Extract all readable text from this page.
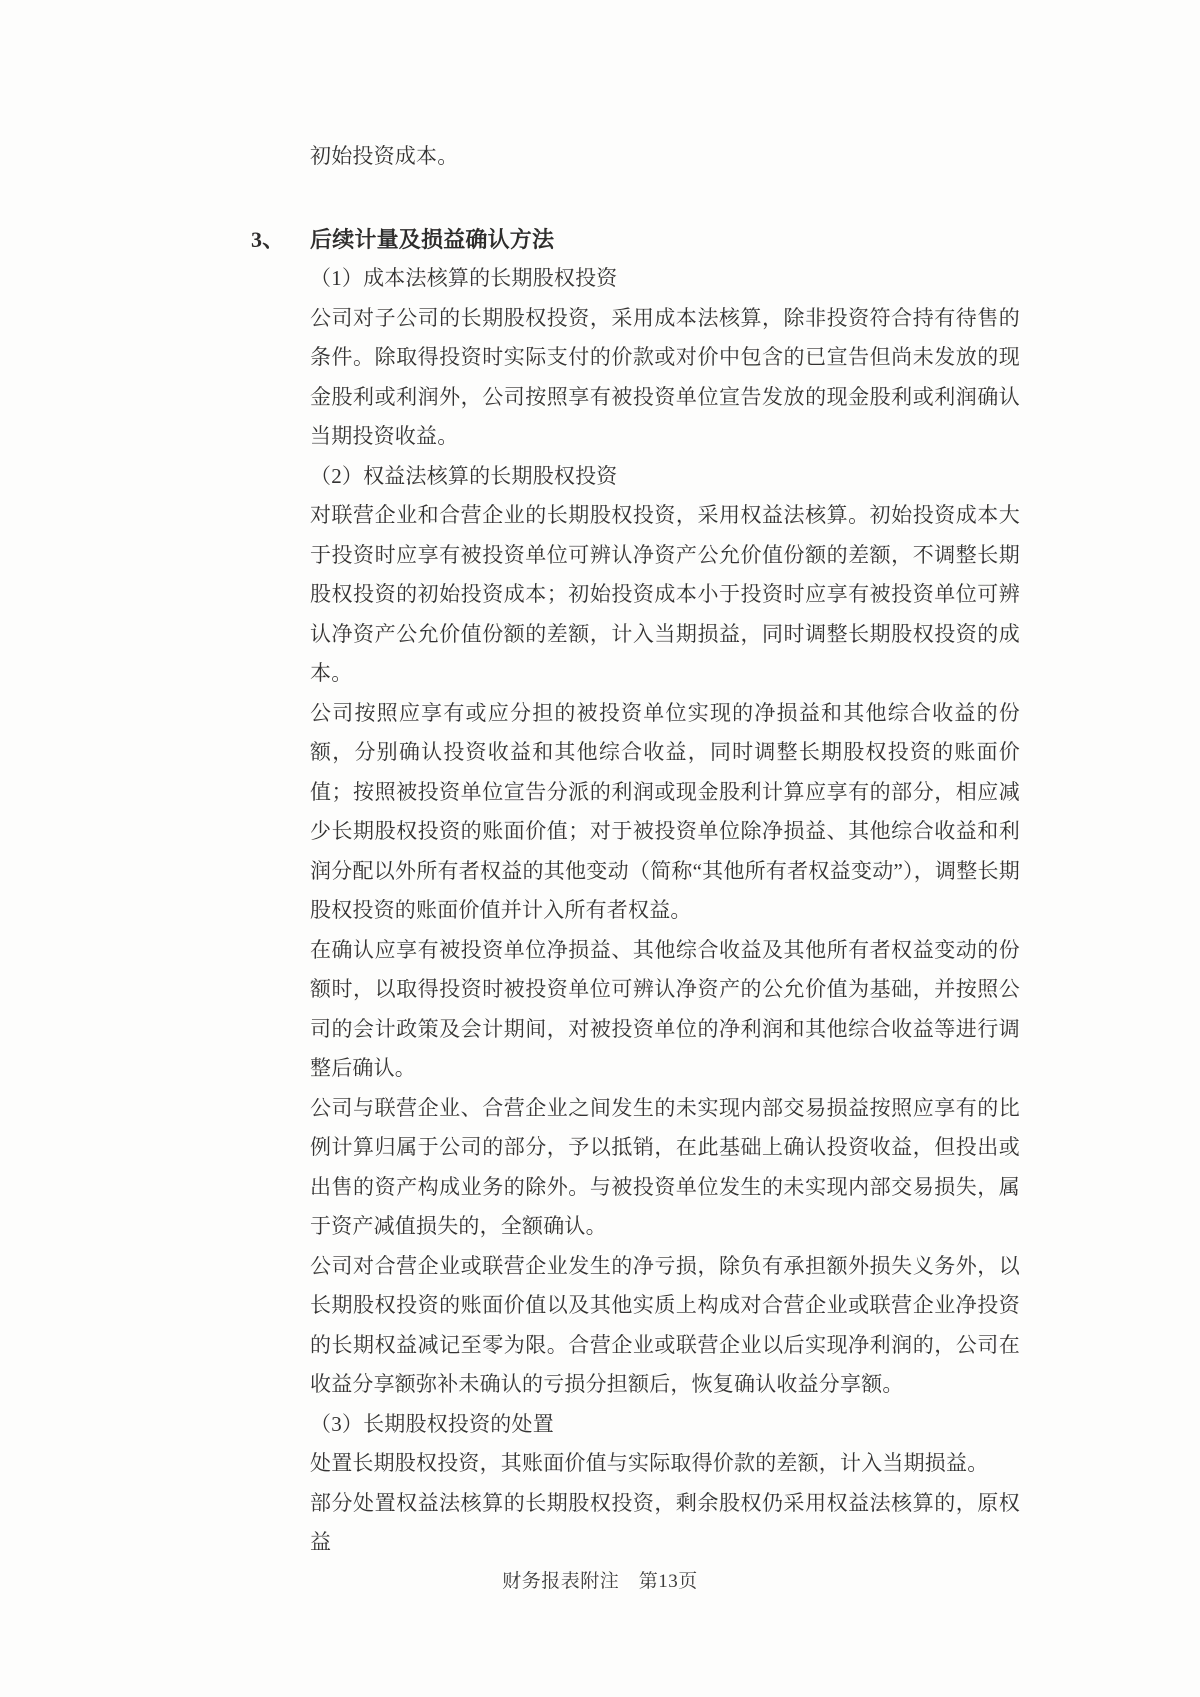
初始投资成本。

3、 后续计量及损益确认方法

（1）成本法核算的长期股权投资

公司对子公司的长期股权投资，采用成本法核算，除非投资符合持有待售的条件。除取得投资时实际支付的价款或对价中包含的已宣告但尚未发放的现金股利或利润外，公司按照享有被投资单位宣告发放的现金股利或利润确认当期投资收益。

（2）权益法核算的长期股权投资

对联营企业和合营企业的长期股权投资，采用权益法核算。初始投资成本大于投资时应享有被投资单位可辨认净资产公允价值份额的差额，不调整长期股权投资的初始投资成本；初始投资成本小于投资时应享有被投资单位可辨认净资产公允价值份额的差额，计入当期损益，同时调整长期股权投资的成本。

公司按照应享有或应分担的被投资单位实现的净损益和其他综合收益的份额，分别确认投资收益和其他综合收益，同时调整长期股权投资的账面价值；按照被投资单位宣告分派的利润或现金股利计算应享有的部分，相应减少长期股权投资的账面价值；对于被投资单位除净损益、其他综合收益和利润分配以外所有者权益的其他变动（简称“其他所有者权益变动”），调整长期股权投资的账面价值并计入所有者权益。

在确认应享有被投资单位净损益、其他综合收益及其他所有者权益变动的份额时，以取得投资时被投资单位可辨认净资产的公允价值为基础，并按照公司的会计政策及会计期间，对被投资单位的净利润和其他综合收益等进行调整后确认。

公司与联营企业、合营企业之间发生的未实现内部交易损益按照应享有的比例计算归属于公司的部分，予以抵销，在此基础上确认投资收益，但投出或出售的资产构成业务的除外。与被投资单位发生的未实现内部交易损失，属于资产减值损失的，全额确认。

公司对合营企业或联营企业发生的净亏损，除负有承担额外损失义务外，以长期股权投资的账面价值以及其他实质上构成对合营企业或联营企业净投资的长期权益减记至零为限。合营企业或联营企业以后实现净利润的，公司在收益分享额弥补未确认的亏损分担额后，恢复确认收益分享额。

（3）长期股权投资的处置

处置长期股权投资，其账面价值与实际取得价款的差额，计入当期损益。

部分处置权益法核算的长期股权投资，剩余股权仍采用权益法核算的，原权益

财务报表附注　第13页
